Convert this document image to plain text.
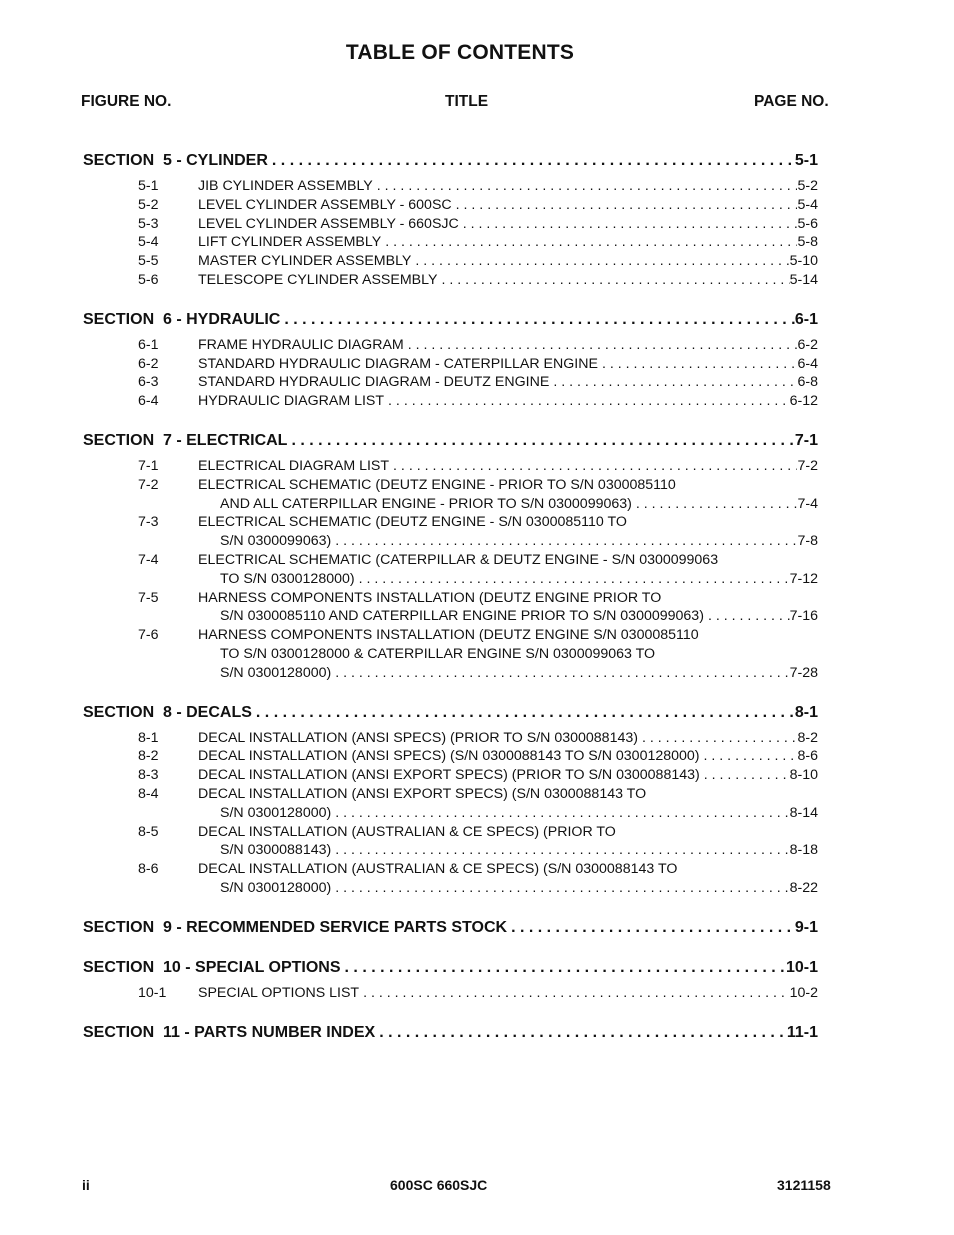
TABLE OF CONTENTS
FIGURE NO.	TITLE	PAGE NO.
SECTION  5 - CYLINDER . . .	5-1
5-1	JIB CYLINDER ASSEMBLY . . .	5-2
5-2	LEVEL CYLINDER ASSEMBLY - 600SC . . .	5-4
5-3	LEVEL CYLINDER ASSEMBLY - 660SJC . . .	5-6
5-4	LIFT CYLINDER ASSEMBLY . . .	5-8
5-5	MASTER CYLINDER ASSEMBLY . . .	5-10
5-6	TELESCOPE CYLINDER ASSEMBLY . . .	5-14
SECTION  6 - HYDRAULIC . . .	6-1
6-1	FRAME HYDRAULIC DIAGRAM . . .	6-2
6-2	STANDARD HYDRAULIC DIAGRAM - CATERPILLAR ENGINE . . .	6-4
6-3	STANDARD HYDRAULIC DIAGRAM - DEUTZ ENGINE . . .	6-8
6-4	HYDRAULIC DIAGRAM LIST . . .	6-12
SECTION  7 - ELECTRICAL . . .	7-1
7-1	ELECTRICAL DIAGRAM LIST . . .	7-2
7-2	ELECTRICAL SCHEMATIC (DEUTZ ENGINE - PRIOR TO S/N 0300085110
AND ALL CATERPILLAR ENGINE - PRIOR TO S/N 0300099063) . . .	7-4
7-3	ELECTRICAL SCHEMATIC (DEUTZ ENGINE - S/N 0300085110 TO
S/N 0300099063) . . .	7-8
7-4	ELECTRICAL SCHEMATIC (CATERPILLAR & DEUTZ ENGINE - S/N 0300099063
TO S/N 0300128000) . . .	7-12
7-5	HARNESS COMPONENTS INSTALLATION (DEUTZ ENGINE PRIOR TO
S/N 0300085110 AND CATERPILLAR ENGINE PRIOR TO S/N 0300099063) . . .	7-16
7-6	HARNESS COMPONENTS INSTALLATION (DEUTZ ENGINE S/N 0300085110
TO S/N 0300128000 & CATERPILLAR ENGINE S/N 0300099063 TO
S/N 0300128000) . . .	7-28
SECTION  8 - DECALS . . .	8-1
8-1	DECAL INSTALLATION (ANSI SPECS) (PRIOR TO S/N 0300088143) . . .	8-2
8-2	DECAL INSTALLATION (ANSI SPECS) (S/N 0300088143 TO S/N 0300128000) . . .	8-6
8-3	DECAL INSTALLATION (ANSI EXPORT SPECS) (PRIOR TO S/N 0300088143) . . .	8-10
8-4	DECAL INSTALLATION (ANSI EXPORT SPECS) (S/N 0300088143 TO
S/N 0300128000) . . .	8-14
8-5	DECAL INSTALLATION (AUSTRALIAN & CE SPECS) (PRIOR TO
S/N 0300088143) . . .	8-18
8-6	DECAL INSTALLATION (AUSTRALIAN & CE SPECS) (S/N 0300088143 TO
S/N 0300128000) . . .	8-22
SECTION  9 - RECOMMENDED SERVICE PARTS STOCK . . .	9-1
SECTION  10 - SPECIAL OPTIONS . . .	10-1
10-1 SPECIAL OPTIONS LIST . . .	10-2
SECTION  11 - PARTS NUMBER INDEX . . .	11-1
ii	600SC 660SJC	3121158
